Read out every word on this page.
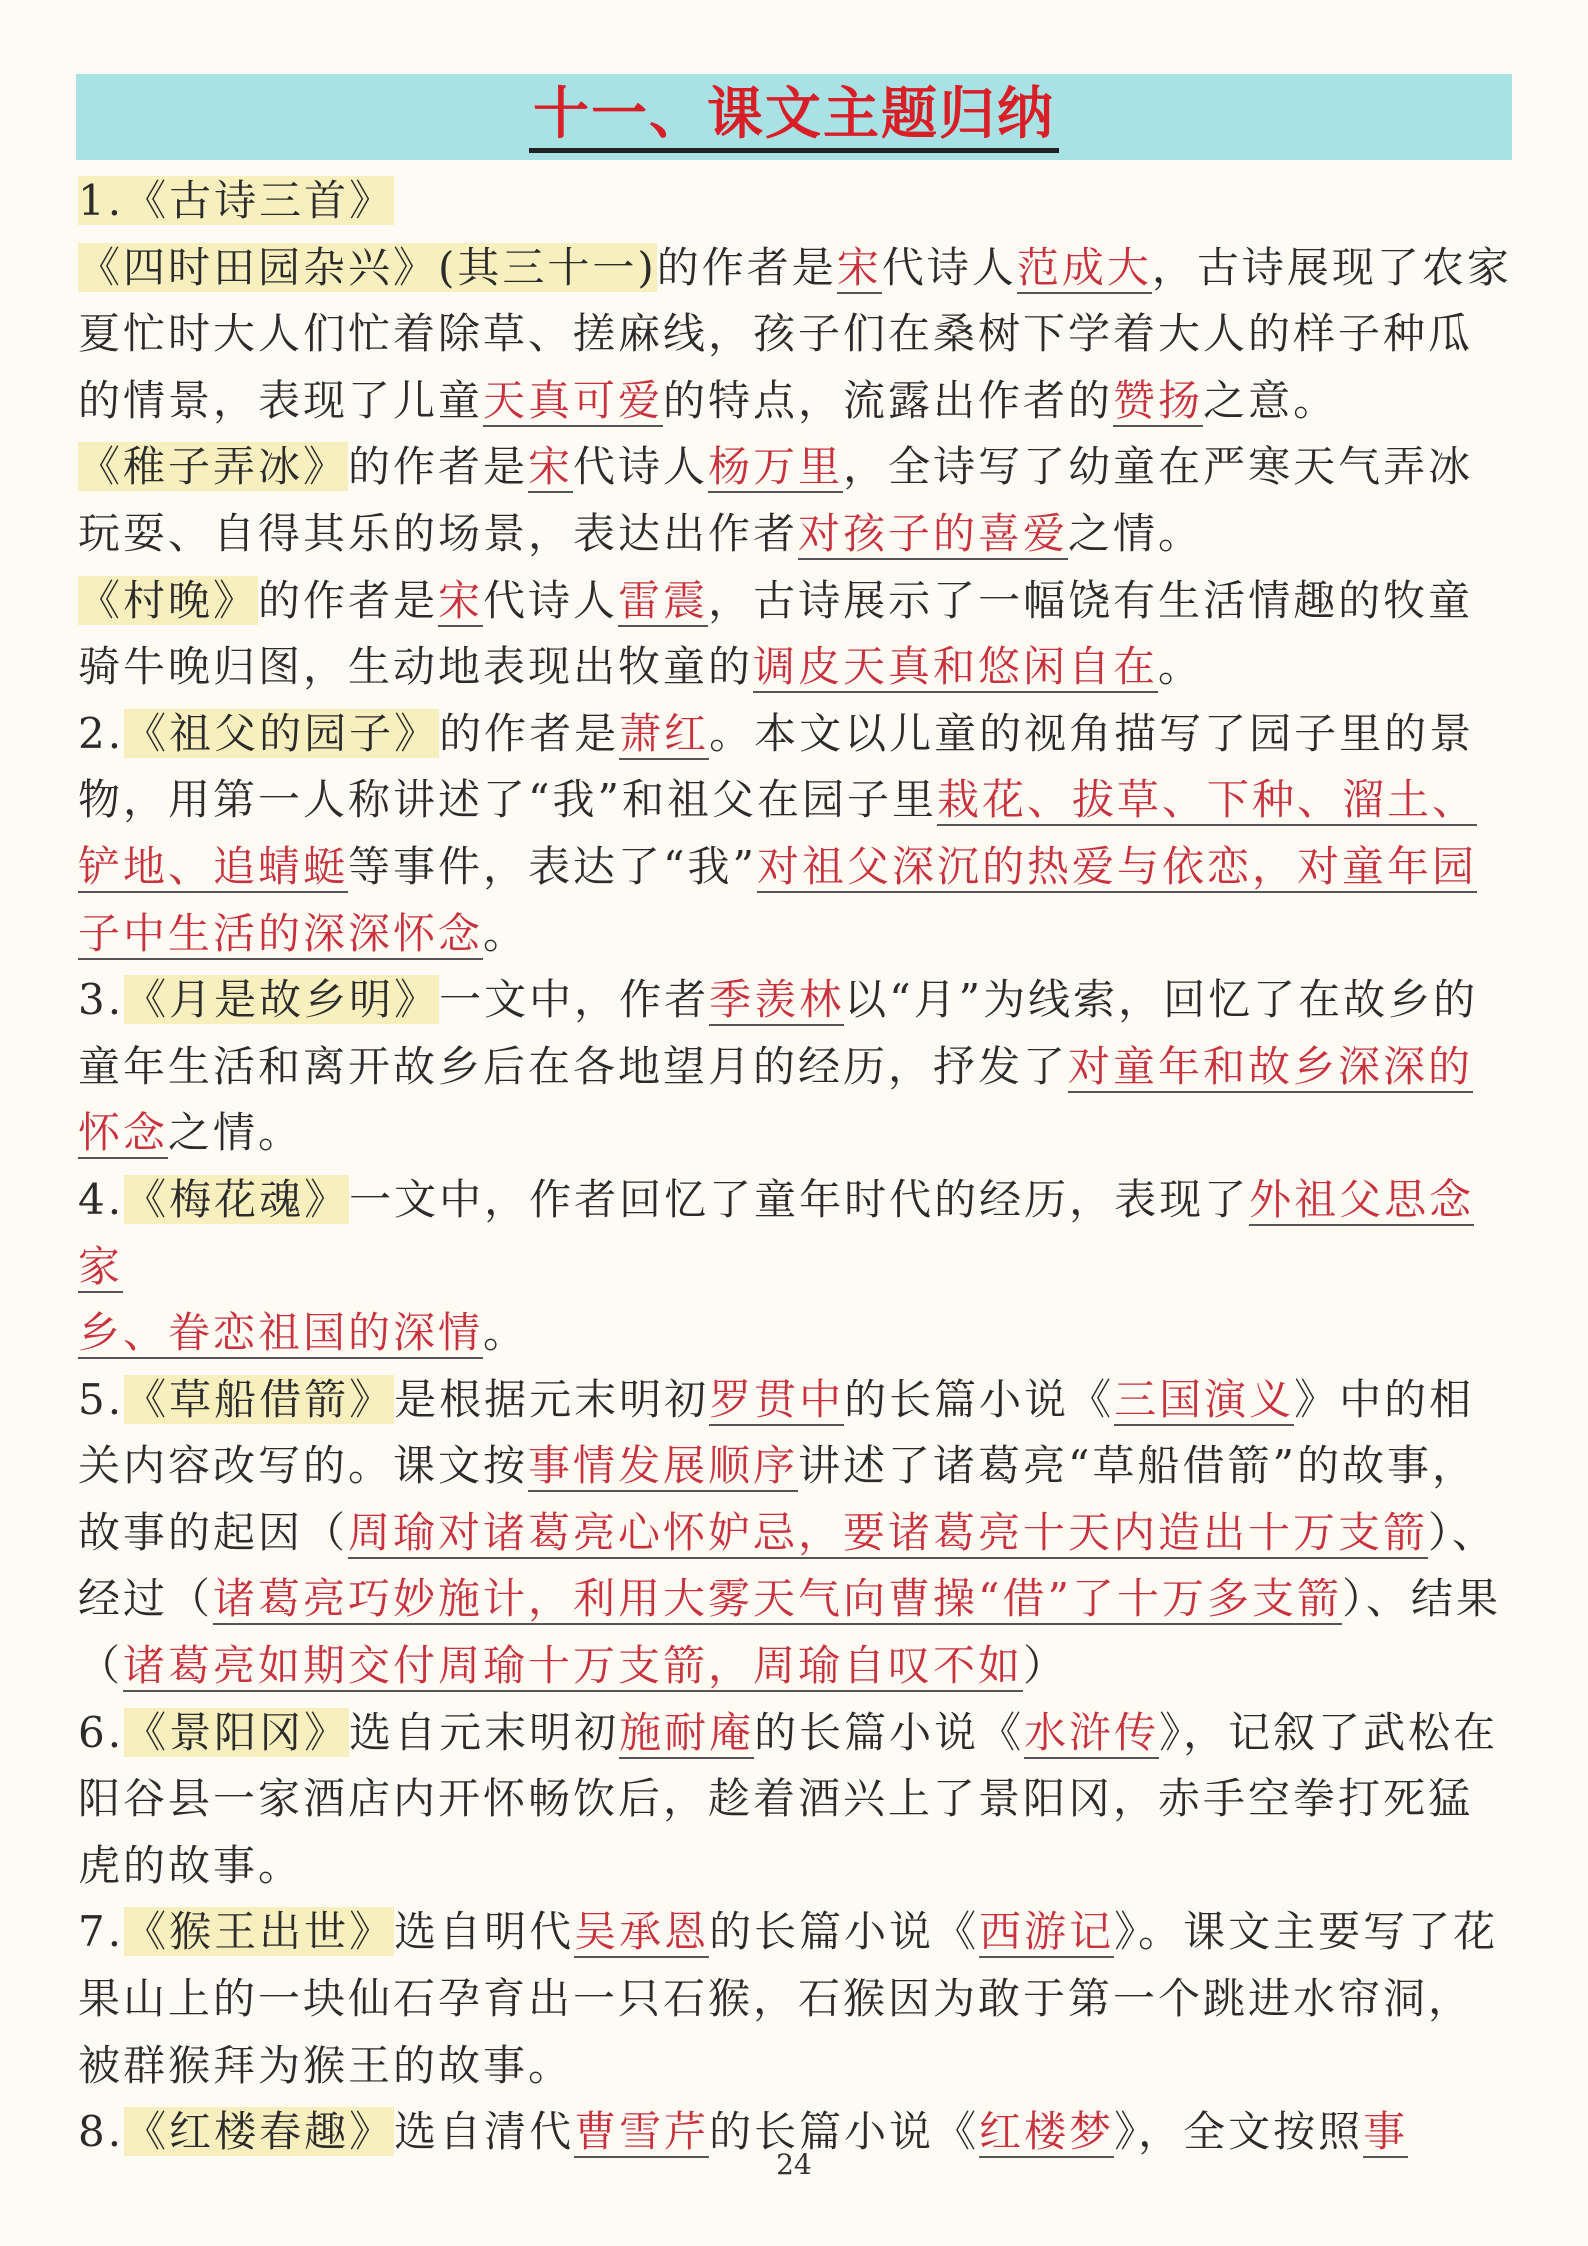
十一、课文主题归纳

1.《古诗三首》

《四时田园杂兴》(其三十一)的作者是宋代诗人范成大，古诗展现了农家夏忙时大人们忙着除草、搓麻线，孩子们在桑树下学着大人的样子种瓜的情景，表现了儿童天真可爱的特点，流露出作者的赞扬之意。

《稚子弄冰》的作者是宋代诗人杨万里，全诗写了幼童在严寒天气弄冰玩耍、自得其乐的场景，表达出作者对孩子的喜爱之情。

《村晚》的作者是宋代诗人雷震，古诗展示了一幅饶有生活情趣的牧童骑牛晚归图，生动地表现出牧童的调皮天真和悠闲自在。

2.《祖父的园子》的作者是萧红。本文以儿童的视角描写了园子里的景物，用第一人称讲述了“我”和祖父在园子里栽花、拔草、下种、溜土、铲地、追蜻蜓等事件，表达了“我”对祖父深沉的热爱与依恋，对童年园子中生活的深深怀念。

3.《月是故乡明》一文中，作者季羡林以“月”为线索，回忆了在故乡的童年生活和离开故乡后在各地望月的经历，抒发了对童年和故乡深深的怀念之情。

4.《梅花魂》一文中，作者回忆了童年时代的经历，表现了外祖父思念家

乡、眷恋祖国的深情。

5.《草船借箭》是根据元末明初罗贯中的长篇小说《三国演义》中的相关内容改写的。课文按事情发展顺序讲述了诸葛亮“草船借箭”的故事，故事的起因（周瑜对诸葛亮心怀妒忌，要诸葛亮十天内造出十万支箭）、经过（诸葛亮巧妙施计，利用大雾天气向曹操“借”了十万多支箭）、结果（诸葛亮如期交付周瑜十万支箭，周瑜自叹不如）

6.《景阳冈》选自元末明初施耐庵的长篇小说《水浒传》，记叙了武松在阳谷县一家酒店内开怀畅饮后，趁着酒兴上了景阳冈，赤手空拳打死猛虎的故事。

7.《猴王出世》选自明代吴承恩的长篇小说《西游记》。课文主要写了花果山上的一块仙石孕育出一只石猴，石猴因为敢于第一个跳进水帘洞，被群猴拜为猴王的故事。

8.《红楼春趣》选自清代曹雪芹的长篇小说《红楼梦》，全文按照事

24
